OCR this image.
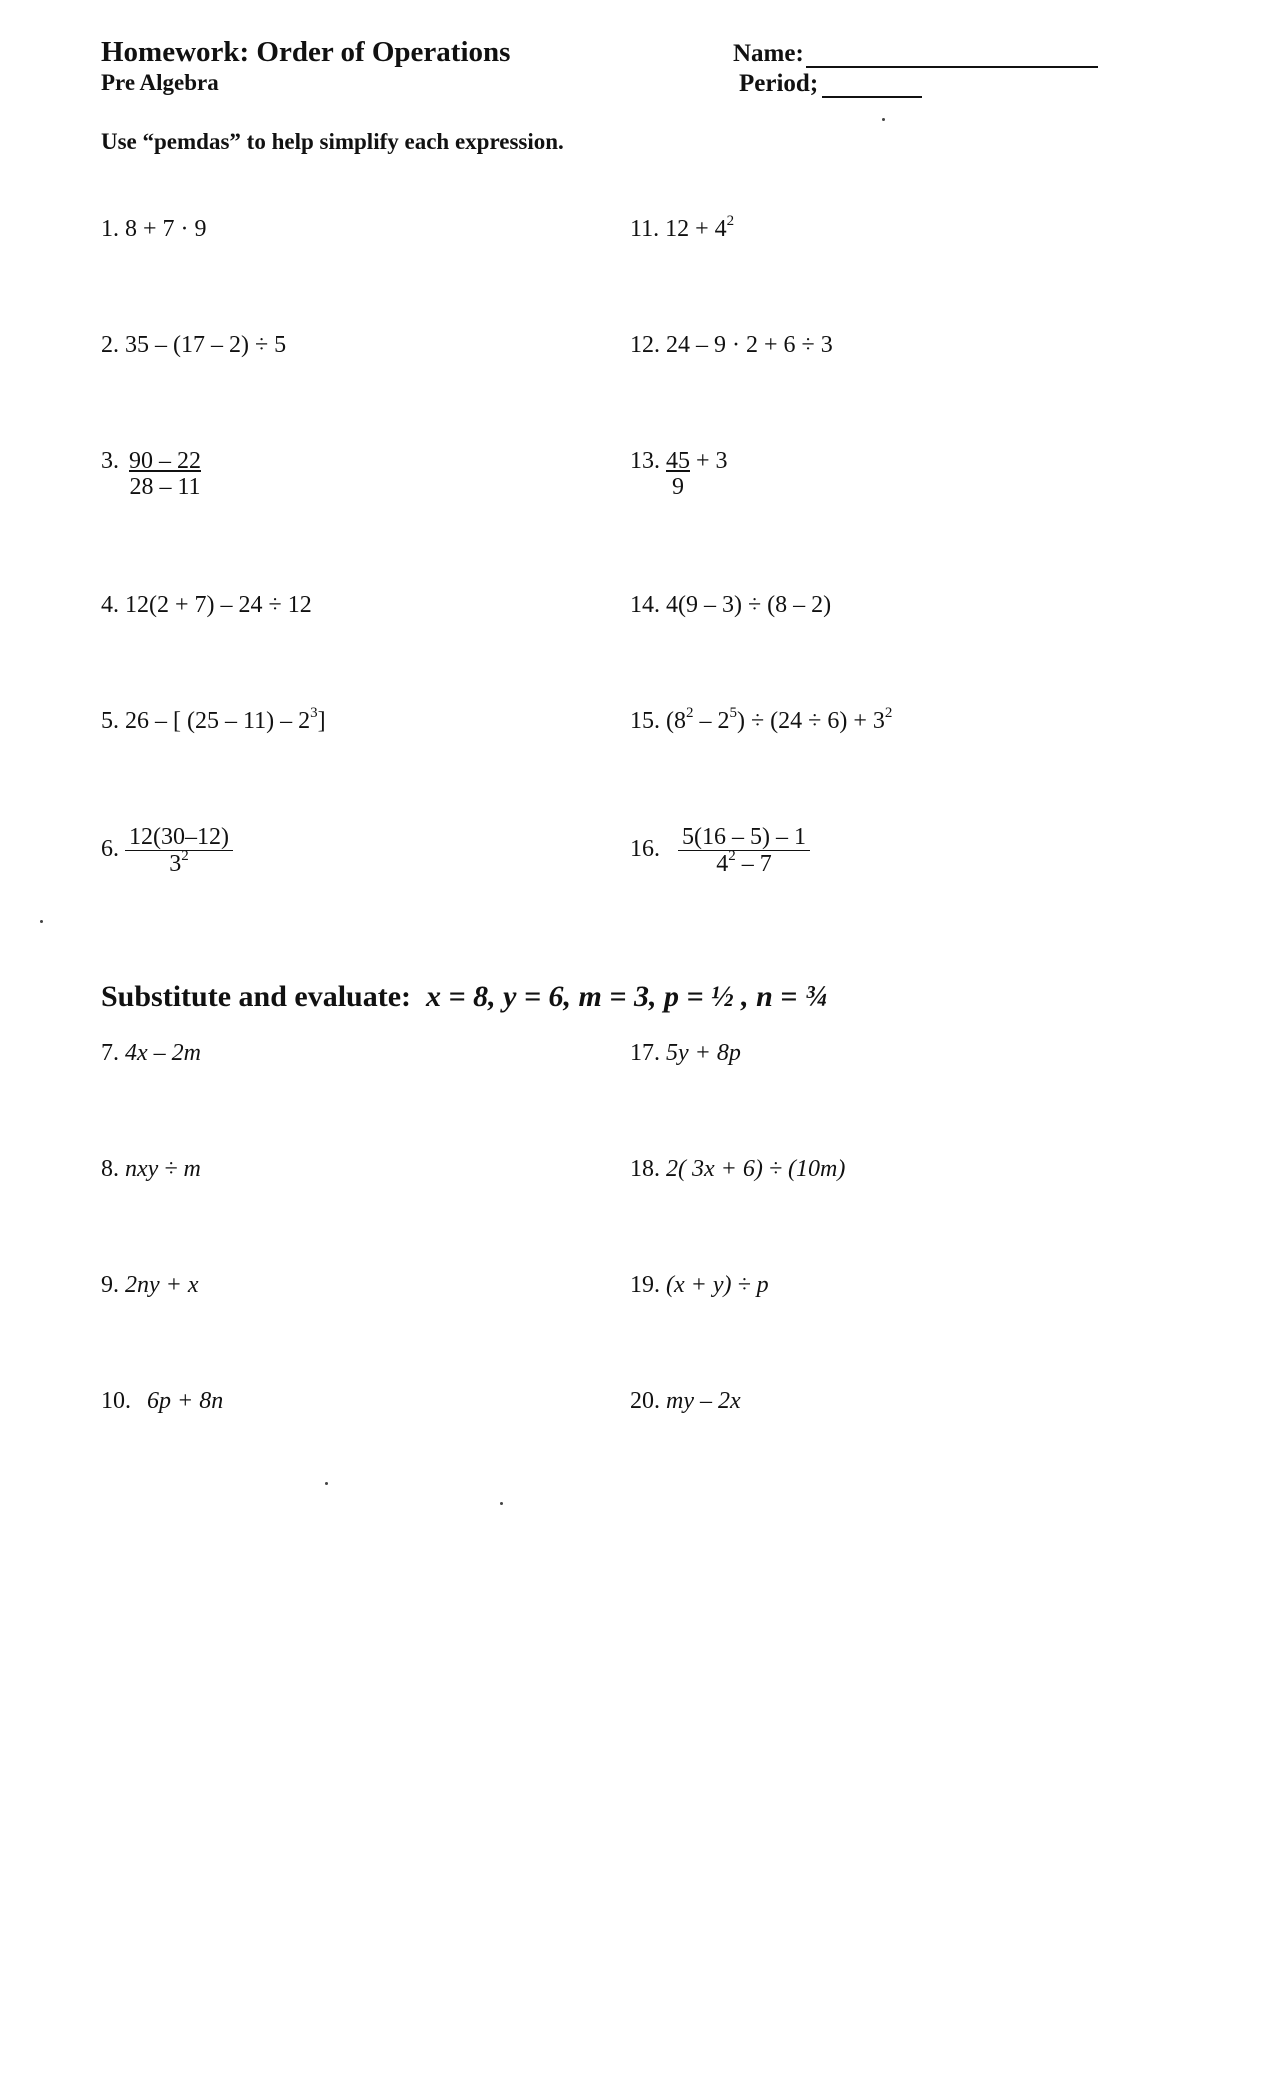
Homework: Order of Operations
Pre Algebra
Name:
Period;
Use “pemdas” to help simplify each expression.
1. 8 + 7 · 9
2. 35 – (17 – 2) ÷ 5
3. $\frac{90 - 22}{28 - 11}$
4. 12(2 + 7) – 24 ÷ 12
5. 26 – [ $(25 - 11) - 2^3$]
6. $\frac{12(30-12)}{3^2}$
11. $12 + 4^2$
12. 24 – 9 · 2 + 6 ÷ 3
13. 45 + 3
9
14. 4(9 – 3) ÷ (8 – 2)
15. $(8^2 - 2^5) \div (24 \div 6) + 3^2$
16. $\frac{5(16 - 5) - 1}{4^2 - 7}$
Substitute and evaluate: x = 8, y = 6, m = 3, p = ½ , n = ¾
7. 4x – 2m
8. nxy ÷ m
9. 2ny + x
10. 6p + 8n
17. 5y + 8p
18. 2( 3x + 6) ÷ (10m)
19. (x + y) ÷ p
20. my – 2x
